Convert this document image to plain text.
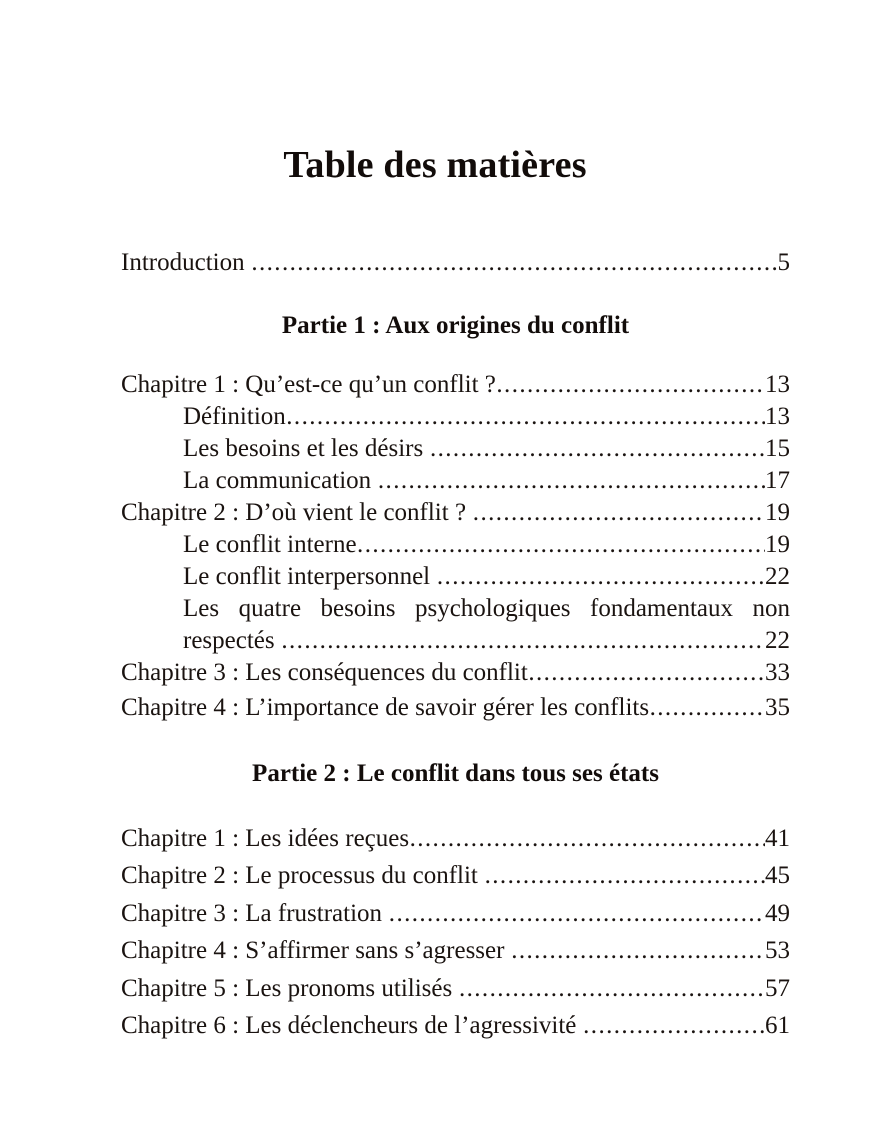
Table des matières
Introduction .....	5
Partie 1 : Aux origines du conflit
Chapitre 1 : Qu’est-ce qu’un conflit ? .....	13
Définition .....	13
Les besoins et les désirs .....	15
La communication .....	17
Chapitre 2 : D’où vient le conflit ? .....	19
Le conflit interne .....	19
Le conflit interpersonnel .....	22
Les quatre besoins psychologiques fondamentaux non
respectés .....	22
Chapitre 3 : Les conséquences du conflit .....	33
Chapitre 4 : L’importance de savoir gérer les conflits .....	35
Partie 2 : Le conflit dans tous ses états
Chapitre 1 : Les idées reçues .....	41
Chapitre 2 : Le processus du conflit .....	45
Chapitre 3 : La frustration .....	49
Chapitre 4 : S’affirmer sans s’agresser .....	53
Chapitre 5 : Les pronoms utilisés .....	57
Chapitre 6 : Les déclencheurs de l’agressivité .....	61
